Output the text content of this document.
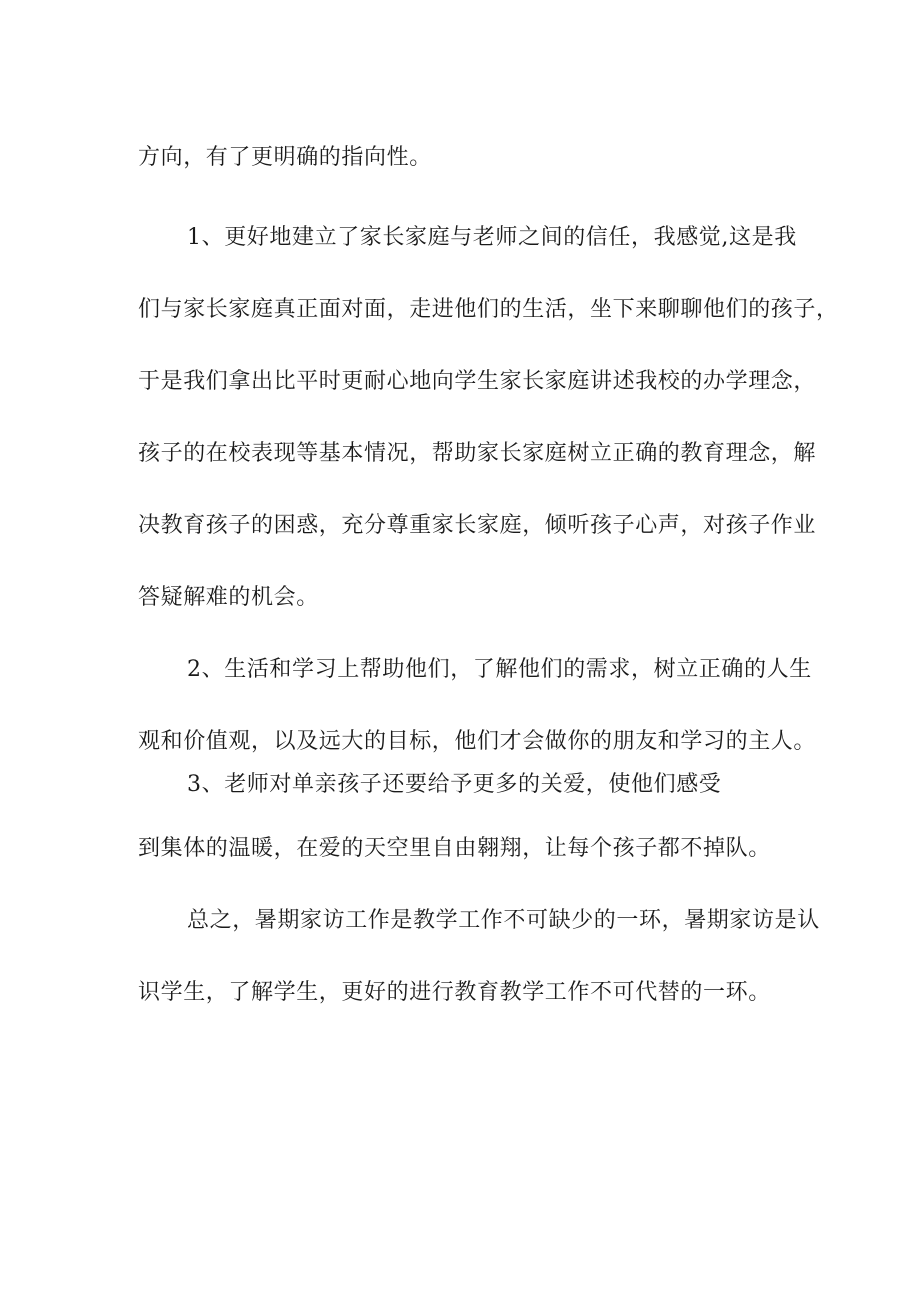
方向，有了更明确的指向性。
1、更好地建立了家长家庭与老师之间的信任，我感觉,这是我
们与家长家庭真正面对面，走进他们的生活，坐下来聊聊他们的孩子，
于是我们拿出比平时更耐心地向学生家长家庭讲述我校的办学理念，
孩子的在校表现等基本情况，帮助家长家庭树立正确的教育理念，解
决教育孩子的困惑，充分尊重家长家庭，倾听孩子心声，对孩子作业
答疑解难的机会。
2、生活和学习上帮助他们，了解他们的需求，树立正确的人生
观和价值观，以及远大的目标，他们才会做你的朋友和学习的主人。
3、老师对单亲孩子还要给予更多的关爱，使他们感受
到集体的温暖，在爱的天空里自由翱翔，让每个孩子都不掉队。
总之，暑期家访工作是教学工作不可缺少的一环，暑期家访是认
识学生，了解学生，更好的进行教育教学工作不可代替的一环。
